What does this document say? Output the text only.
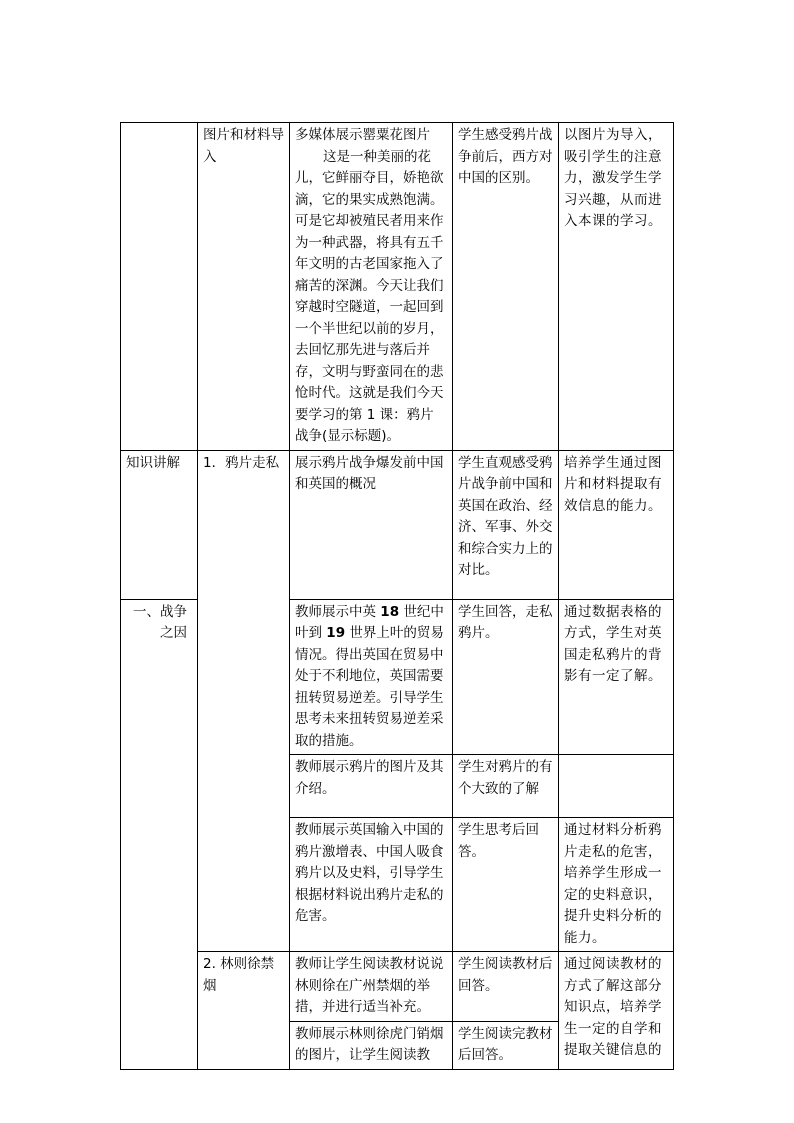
	图片和材料导入	多媒体展示罂粟花图片
这是一种美丽的花儿，它鲜丽夺目，娇艳欲滴，它的果实成熟饱满。可是它却被殖民者用来作为一种武器，将具有五千年文明的古老国家拖入了痛苦的深渊。今天让我们穿越时空隧道，一起回到一个半世纪以前的岁月，去回忆那先进与落后并存，文明与野蛮同在的悲怆时代。这就是我们今天要学习的第 1 课：鸦片战争(显示标题)。	学生感受鸦片战争前后，西方对中国的区别。	以图片为导入，吸引学生的注意力，激发学生学习兴趣，从而进入本课的学习。
知识讲解	1．鸦片走私	展示鸦片战争爆发前中国和英国的概况	学生直观感受鸦片战争前中国和英国在政治、经济、军事、外交和综合实力上的对比。	培养学生通过图片和材料提取有效信息的能力。

一、战争之因		教师展示中英 18 世纪中叶到 19 世界上叶的贸易情况。得出英国在贸易中处于不利地位，英国需要扭转贸易逆差。引导学生思考未来扭转贸易逆差采取的措施。	学生回答，走私鸦片。	通过数据表格的方式，学生对英国走私鸦片的背影有一定了解。
		教师展示鸦片的图片及其介绍。	学生对鸦片的有个大致的了解	
		教师展示英国输入中国的鸦片激增表、中国人吸食鸦片以及史料，引导学生根据材料说出鸦片走私的危害。	学生思考后回答。	通过材料分析鸦片走私的危害，培养学生形成一定的史料意识，提升史料分析的能力。
	2. 林则徐禁烟	教师让学生阅读教材说说林则徐在广州禁烟的举措，并进行适当补充。	学生阅读教材后回答。	通过阅读教材的方式了解这部分知识点，培养学生一定的自学和提取关键信息的
		教师展示林则徐虎门销烟的图片，让学生阅读教	学生阅读完教材后回答。	
